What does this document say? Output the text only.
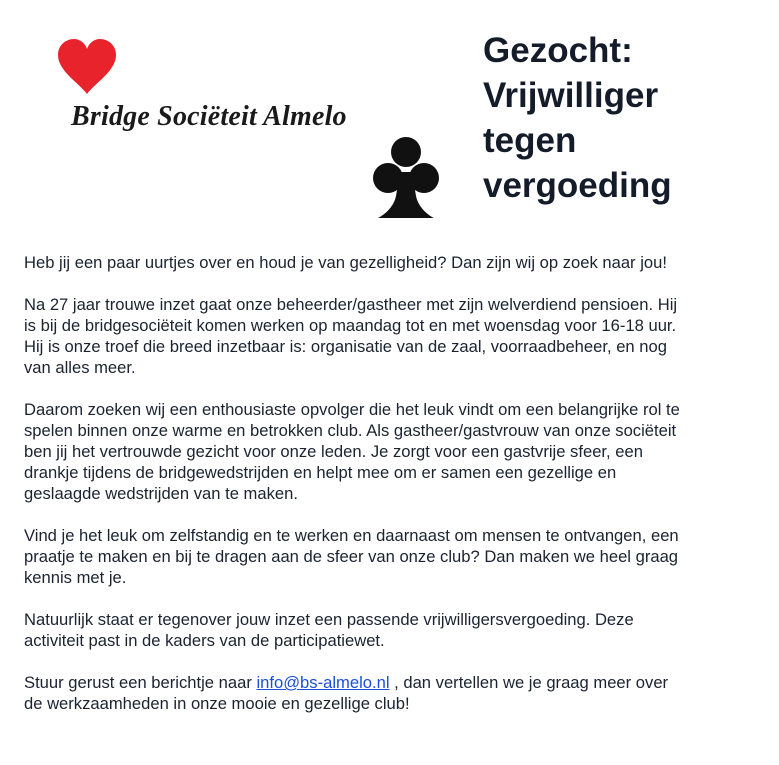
Bridge Sociëteit Almelo
Gezocht:
Vrijwilliger
tegen
vergoeding

Heb jij een paar uurtjes over en houd je van gezelligheid? Dan zijn wij op zoek naar jou!

Na 27 jaar trouwe inzet gaat onze beheerder/gastheer met zijn welverdiend pensioen. Hij
is bij de bridgesociëteit komen werken op maandag tot en met woensdag voor 16-18 uur.
Hij is onze troef die breed inzetbaar is: organisatie van de zaal, voorraadbeheer, en nog
van alles meer.

Daarom zoeken wij een enthousiaste opvolger die het leuk vindt om een belangrijke rol te
spelen binnen onze warme en betrokken club. Als gastheer/gastvrouw van onze sociëteit
ben jij het vertrouwde gezicht voor onze leden. Je zorgt voor een gastvrije sfeer, een
drankje tijdens de bridgewedstrijden en helpt mee om er samen een gezellige en
geslaagde wedstrijden van te maken.

Vind je het leuk om zelfstandig en te werken en daarnaast om mensen te ontvangen, een
praatje te maken en bij te dragen aan de sfeer van onze club? Dan maken we heel graag
kennis met je.

Natuurlijk staat er tegenover jouw inzet een passende vrijwilligersvergoeding. Deze
activiteit past in de kaders van de participatiewet.

Stuur gerust een berichtje naar info@bs-almelo.nl , dan vertellen we je graag meer over
de werkzaamheden in onze mooie en gezellige club!
